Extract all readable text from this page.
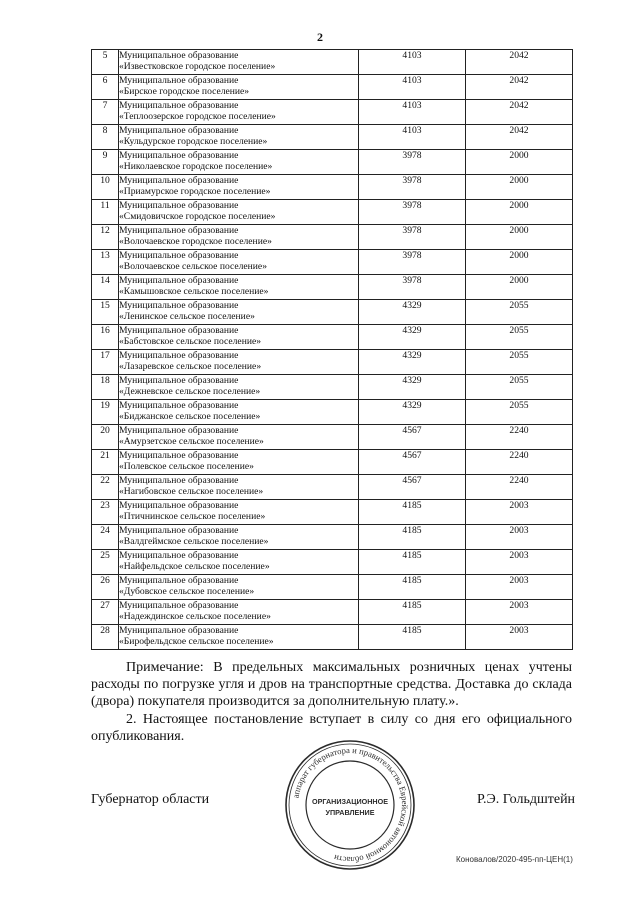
2
5	Муниципальное образование
«Известковское городское поселение»	4103	2042
6	Муниципальное образование
«Бирское городское поселение»	4103	2042
7	Муниципальное образование
«Теплоозерское городское поселение»	4103	2042
8	Муниципальное образование
«Кульдурское городское поселение»	4103	2042
9	Муниципальное образование
«Николаевское городское поселение»	3978	2000
10	Муниципальное образование
«Приамурское городское поселение»	3978	2000
11	Муниципальное образование
«Смидовичское городское поселение»	3978	2000
12	Муниципальное образование
«Волочаевское городское поселение»	3978	2000
13	Муниципальное образование
«Волочаевское сельское поселение»	3978	2000
14	Муниципальное образование
«Камышовское сельское поселение»	3978	2000
15	Муниципальное образование
«Ленинское сельское поселение»	4329	2055
16	Муниципальное образование
«Бабстовское сельское поселение»	4329	2055
17	Муниципальное образование
«Лазаревское сельское поселение»	4329	2055
18	Муниципальное образование
«Дежневское сельское поселение»	4329	2055
19	Муниципальное образование
«Биджанское сельское поселение»	4329	2055
20	Муниципальное образование
«Амурзетское сельское поселение»	4567	2240
21	Муниципальное образование
«Полевское сельское поселение»	4567	2240
22	Муниципальное образование
«Нагибовское сельское поселение»	4567	2240
23	Муниципальное образование
«Птичнинское сельское поселение»	4185	2003
24	Муниципальное образование
«Валдгеймское сельское поселение»	4185	2003
25	Муниципальное образование
«Найфельдское сельское поселение»	4185	2003
26	Муниципальное образование
«Дубовское сельское поселение»	4185	2003
27	Муниципальное образование
«Надеждинское сельское поселение»	4185	2003
28	Муниципальное образование
«Бирофельдское сельское поселение»	4185	2003

Примечание: В предельных максимальных розничных ценах учтены расходы по погрузке угля и дров на транспортные средства. Доставка до склада (двора) покупателя производится за дополнительную плату.».

2. Настоящее постановление вступает в силу со дня его официального опубликования.

Губернатор области	Р.Э. Гольдштейн
аппарат губернатора и правительства Еврейской автономной области
ОРГАНИЗАЦИОННОЕ
УПРАВЛЕНИЕ
Коновалов/2020-495-пп-ЦЕН(1)
